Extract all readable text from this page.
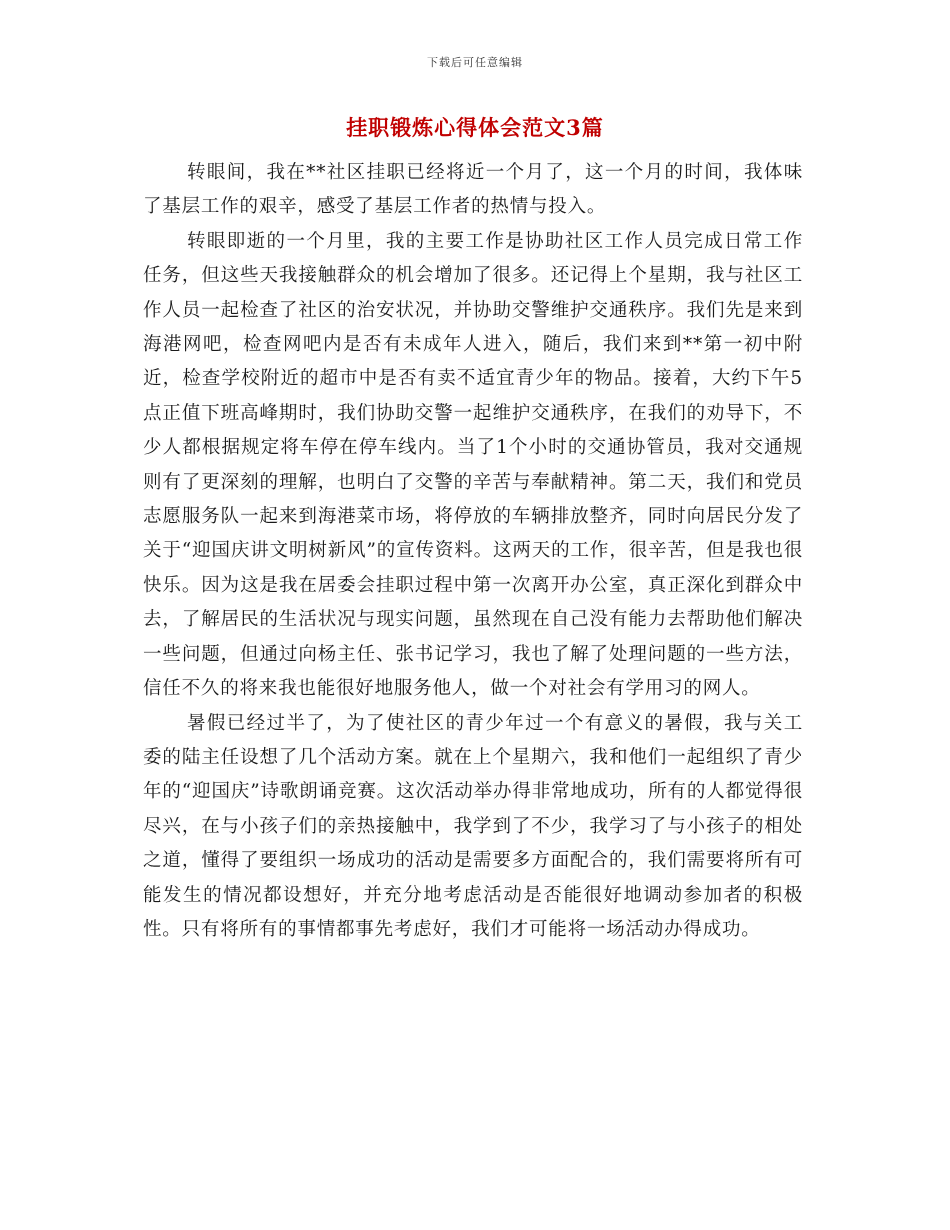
下载后可任意编辑
挂职锻炼心得体会范文3篇

转眼间，我在**社区挂职已经将近一个月了，这一个月的时间，我体味了基层工作的艰辛，感受了基层工作者的热情与投入。

转眼即逝的一个月里，我的主要工作是协助社区工作人员完成日常工作任务，但这些天我接触群众的机会增加了很多。还记得上个星期，我与社区工作人员一起检查了社区的治安状况，并协助交警维护交通秩序。我们先是来到海港网吧，检查网吧内是否有未成年人进入，随后，我们来到**第一初中附近，检查学校附近的超市中是否有卖不适宜青少年的物品。接着，大约下午5点正值下班高峰期时，我们协助交警一起维护交通秩序，在我们的劝导下，不少人都根据规定将车停在停车线内。当了1个小时的交通协管员，我对交通规则有了更深刻的理解，也明白了交警的辛苦与奉献精神。第二天，我们和党员志愿服务队一起来到海港菜市场，将停放的车辆排放整齐，同时向居民分发了关于“迎国庆讲文明树新风”的宣传资料。这两天的工作，很辛苦，但是我也很快乐。因为这是我在居委会挂职过程中第一次离开办公室，真正深化到群众中去，了解居民的生活状况与现实问题，虽然现在自己没有能力去帮助他们解决一些问题，但通过向杨主任、张书记学习，我也了解了处理问题的一些方法，信任不久的将来我也能很好地服务他人，做一个对社会有学用习的网人。

暑假已经过半了，为了使社区的青少年过一个有意义的暑假，我与关工委的陆主任设想了几个活动方案。就在上个星期六，我和他们一起组织了青少年的“迎国庆”诗歌朗诵竞赛。这次活动举办得非常地成功，所有的人都觉得很尽兴，在与小孩子们的亲热接触中，我学到了不少，我学习了与小孩子的相处之道，懂得了要组织一场成功的活动是需要多方面配合的，我们需要将所有可能发生的情况都设想好，并充分地考虑活动是否能很好地调动参加者的积极性。只有将所有的事情都事先考虑好，我们才可能将一场活动办得成功。
